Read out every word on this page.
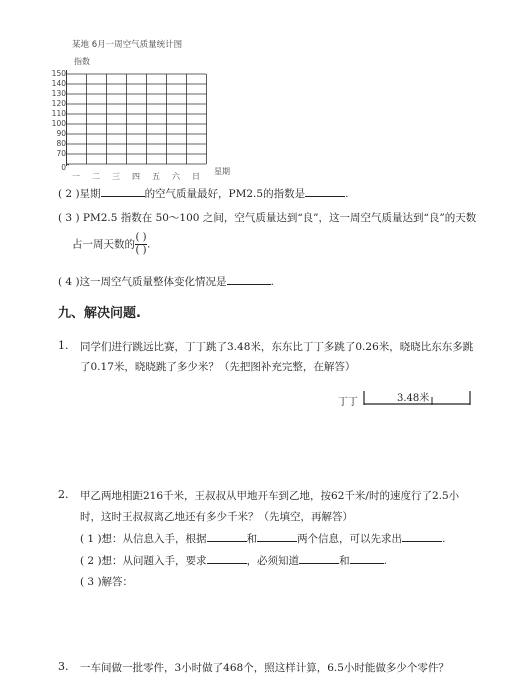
某地 6月一周空气质量统计图
指数
150
140
130
120
110
100
90
80
70
0
一 二 三 四 五 六 日
星期
( 2 )星期	的空气质量最好，PM2.5的指数是	.
( 3 ) PM2.5 指数在 50～100 之间，空气质量达到“良”，这一周空气质量达到“良”的天数
占一周天数的$\frac{( )}{( )}$.
( 4 )这一周空气质量整体变化情况是	.
九、解决问题.
1. 同学们进行跳远比赛，丁丁跳了3.48米，东东比丁丁多跳了0.26米，晓晓比东东多跳
了0.17米，晓晓跳了多少米？（先把图补充完整，在解答）
丁丁	3.48米
2. 甲乙两地相距216千米，王叔叔从甲地开车到乙地，按62千米/时的速度行了2.5小
时，这时王叔叔离乙地还有多少千米？（先填空，再解答）
( 1 )想：从信息入手，根据	和	两个信息，可以先求出	.
( 2 )想：从问题入手，要求	，必须知道	和	.
( 3 )解答：
3. 一车间做一批零件，3小时做了468个，照这样计算，6.5小时能做多少个零件？
